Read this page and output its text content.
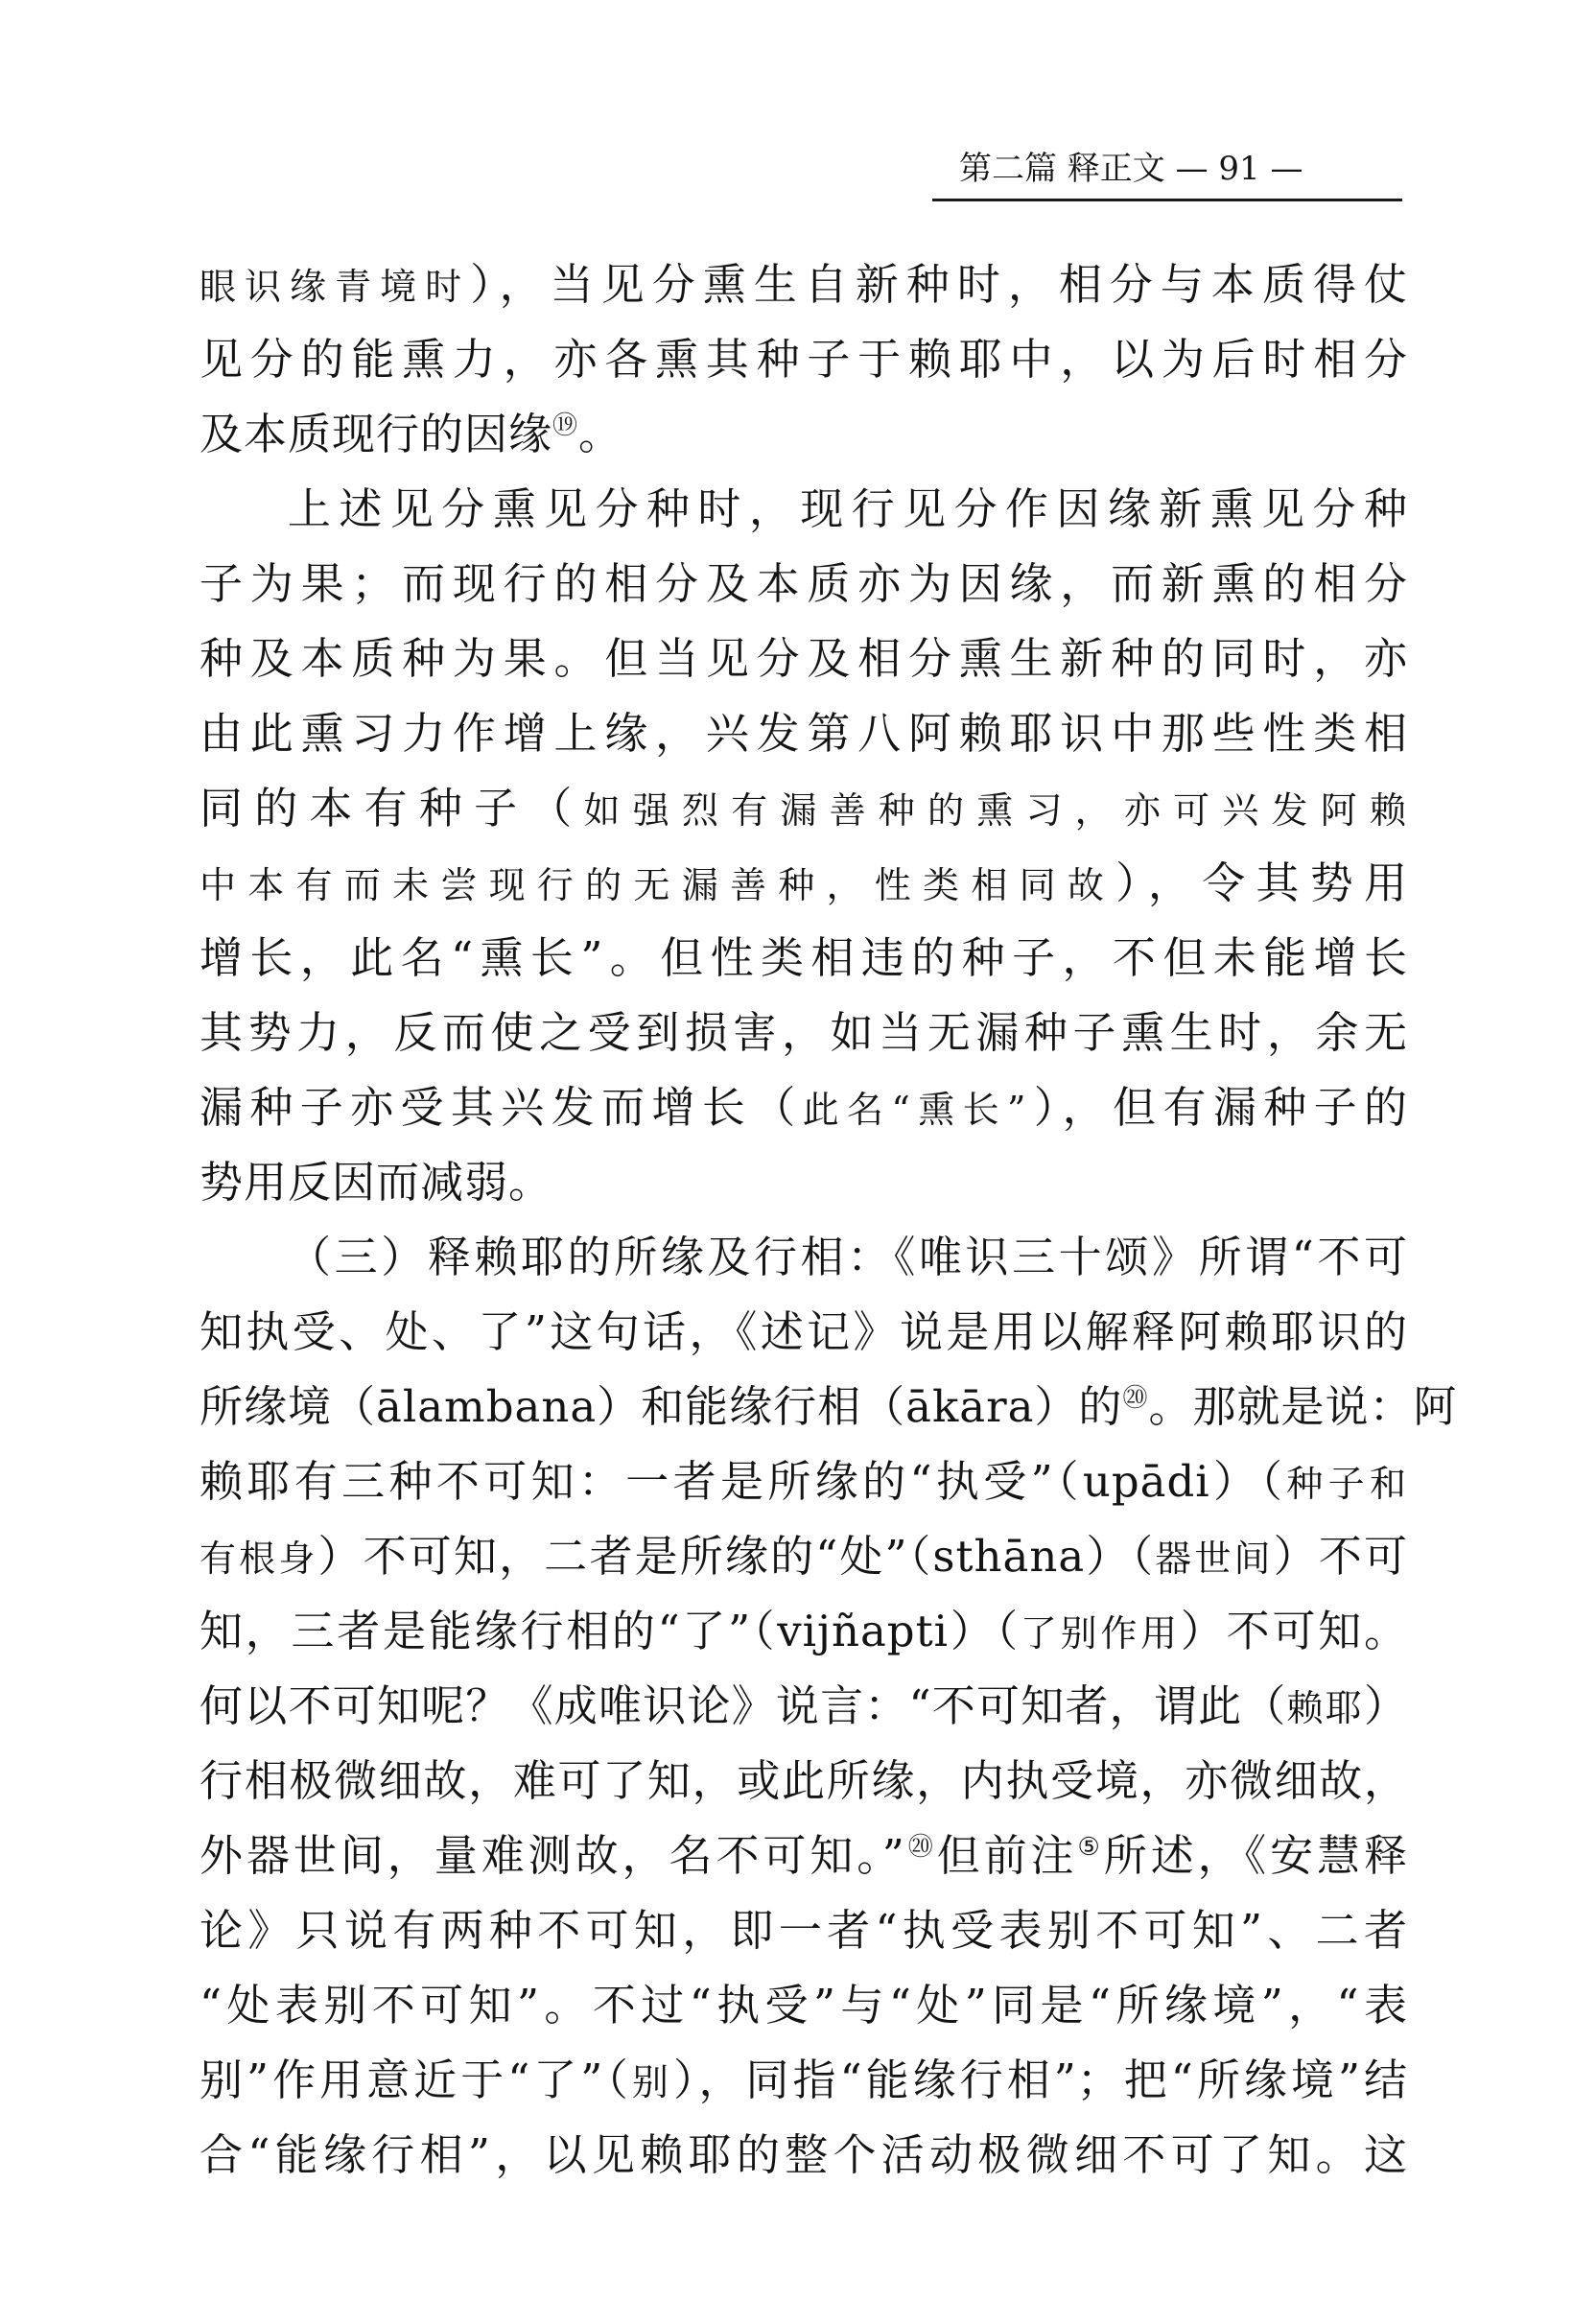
第二篇 释正文 — 91 —
眼识缘青境时），当见分熏生自新种时，相分与本质得仗
见分的能熏力，亦各熏其种子于赖耶中，以为后时相分
及本质现行的因缘⑲。
上述见分熏见分种时，现行见分作因缘新熏见分种
子为果；而现行的相分及本质亦为因缘，而新熏的相分
种及本质种为果。但当见分及相分熏生新种的同时，亦
由此熏习力作增上缘，兴发第八阿赖耶识中那些性类相
同的本有种子（如强烈有漏善种的熏习，亦可兴发阿赖
中本有而未尝现行的无漏善种，性类相同故），令其势用
增长，此名“熏长”。但性类相违的种子，不但未能增长
其势力，反而使之受到损害，如当无漏种子熏生时，余无
漏种子亦受其兴发而增长（此名“熏长”），但有漏种子的
势用反因而减弱。
（三）释赖耶的所缘及行相：《唯识三十颂》所谓“不可
知执受、处、了”这句话，《述记》说是用以解释阿赖耶识的
所缘境（ālambana）和能缘行相（ākāra）的⑳。那就是说：阿
赖耶有三种不可知：一者是所缘的“执受”（upādi）（种子和
有根身）不可知，二者是所缘的“处”（sthāna）（器世间）不可
知，三者是能缘行相的“了”（vijñapti）（了别作用）不可知。
何以不可知呢？《成唯识论》说言：“不可知者，谓此（赖耶）
行相极微细故，难可了知，或此所缘，内执受境，亦微细故，
外器世间，量难测故，名不可知。”⑳但前注⑤所述，《安慧释
论》只说有两种不可知，即一者“执受表别不可知”、二者
“处表别不可知”。不过“执受”与“处”同是“所缘境”，“表
别”作用意近于“了”（别），同指“能缘行相”；把“所缘境”结
合“能缘行相”，以见赖耶的整个活动极微细不可了知。这
